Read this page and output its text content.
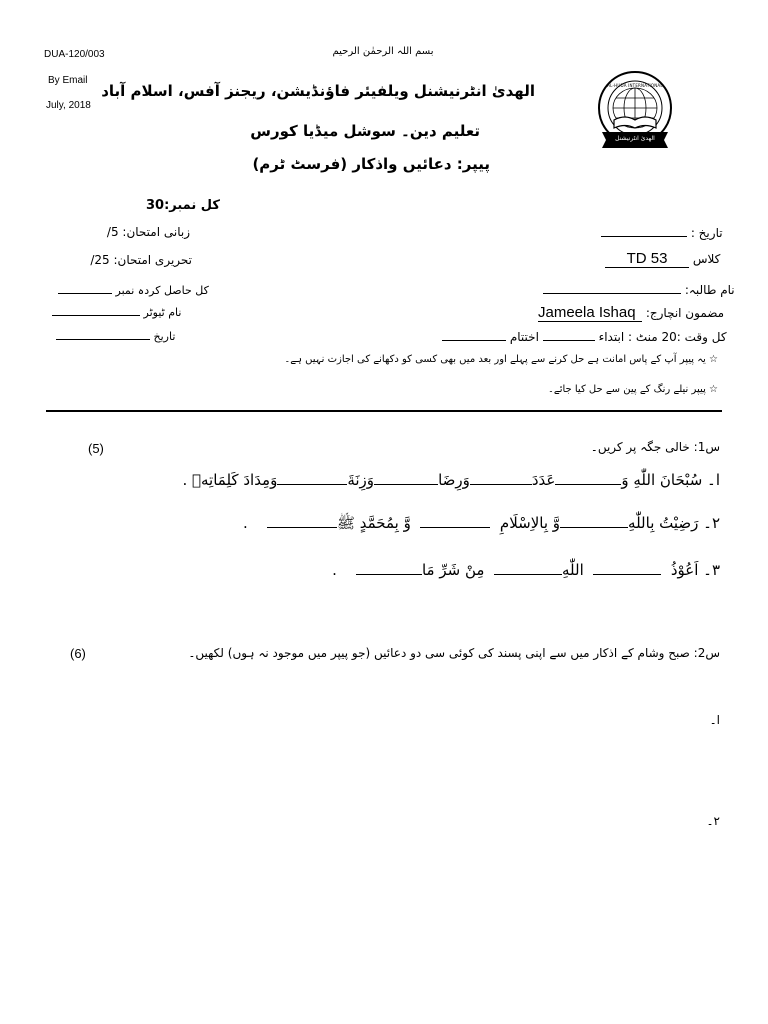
DUA-120/003
By Email
July, 2018
بسم اللہ الرحمٰن الرحیم
الھدیٰ انٹرنیشنل ویلفیئر فاؤنڈیشن، ریجنز آفس، اسلام آباد
تعلیم دین۔ سوشل میڈیا کورس
پیپر: دعائیں واذکار (فرسٹ ٹرم)
AL-HUDA INTERNATIONAL
الھدیٰ انٹرنیشنل
کل نمبر:30
زبانی امتحان: 5/
تحریری امتحان: 25/
کل حاصل کردہ نمبر
نام ٹیوٹر
تاریخ
تاریخ :
کلاس TD 53
نام طالبہ:
مضمون انچارج: Jameela Ishaq
کل وقت :20 منٹ : ابتداء  اختتام
☆ یہ پیپر آپ کے پاس امانت ہے حل کرنے سے پہلے اور بعد میں بھی کسی کو دکھانے کی اجازت نہیں ہے۔
☆ پیپر نیلے رنگ کے پین سے حل کیا جائے۔
س1: خالی جگہ پر کریں۔
(5)
ا۔ سُبْحَانَ اللّٰهِ وَعَدَدَوَرِضَاوَزِنَةَوَمِدَادَ كَلِمَاتِهٖ .
۲۔ رَضِيْتُ بِاللّٰهِوَّ بِالاِسْلَامِ    وَّ بِمُحَمَّدٍ ﷺ    .
۳۔ اَعُوْذُ    اللّٰهِ  مِنْ شَرِّ مَا    .
س2: صبح وشام کے اذکار میں سے اپنی پسند کی کوئی سی دو دعائیں (جو پیپر میں موجود نہ ہوں) لکھیں۔
(6)
ا۔
۲۔
